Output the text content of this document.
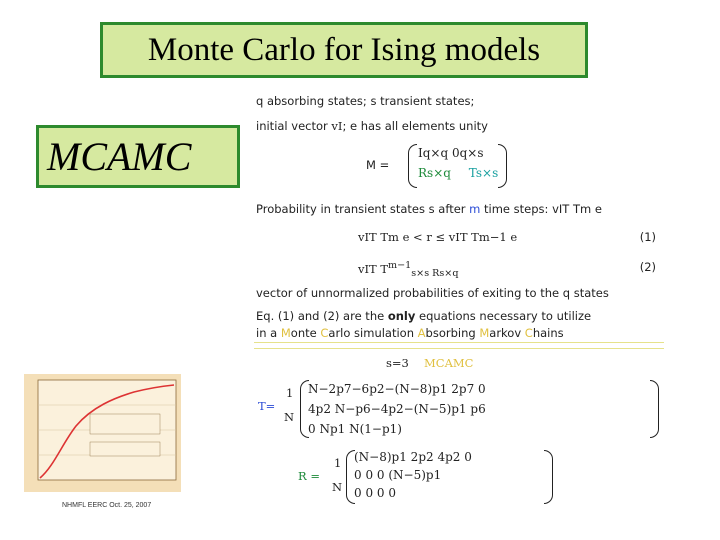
Monte Carlo for Ising models
MCAMC
q absorbing states; s transient states;
initial vector vI; e has all elements unity
M =
Iq×q 0q×s
Rs×q Ts×s
Probability in transient states s after m time steps: vIT Tm e
vIT Tm e < r ≤ vIT Tm−1 e	(1)
vIT $T^{m-1}_{s\times s Rs\times q}$	(2)
vector of unnormalized probabilities of exiting to the q states
Eq. (1) and (2) are the only equations necessary to utilize
in a Monte Carlo simulation Absorbing Markov Chains
s=3 MCAMC
T=
1
N
N−2p7−6p2−(N−8)p1 2p7 0
4p2 N−p6−4p2−(N−5)p1 p6
0 Np1 N(1−p1)
R =
1
N
(N−8)p1 2p2 4p2 0
0 0 0 (N−5)p1
0 0 0 0
NHMFL EERC Oct. 25, 2007
